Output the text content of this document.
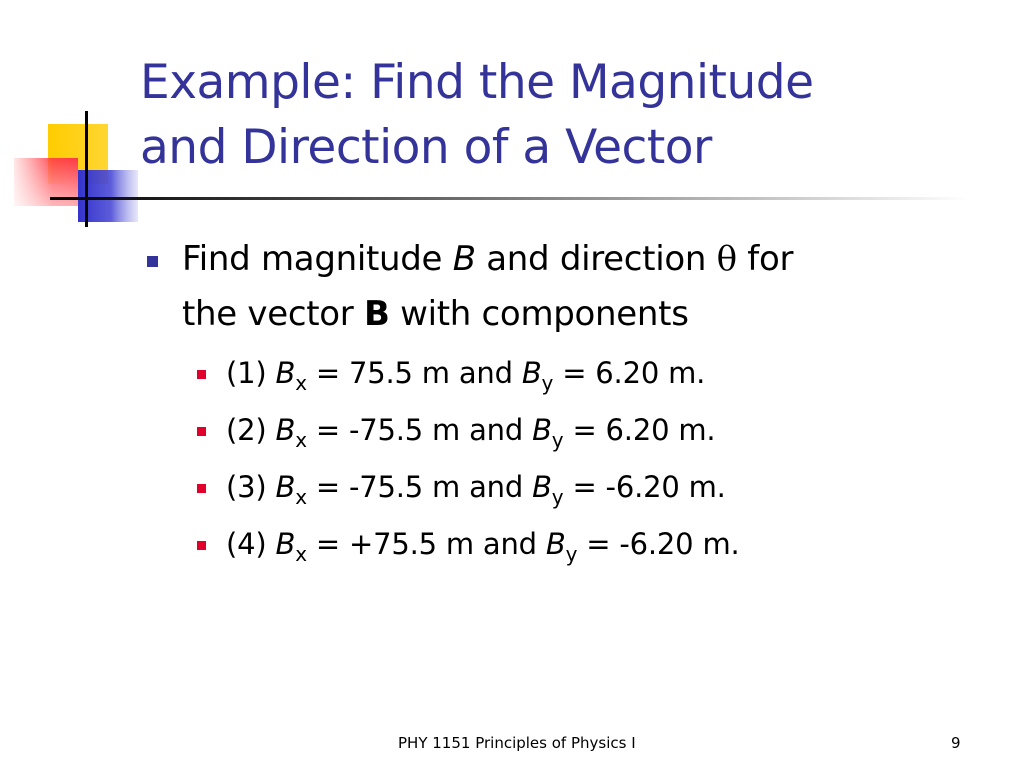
Example: Find the Magnitude
and Direction of a Vector
Find magnitude B and direction θ for
the vector B with components
(1) $B_x = 75.5$ m and $B_y = 6.20$ m.
(2) $B_x = -75.5$ m and $B_y = 6.20$ m.
(3) $B_x = -75.5$ m and $B_y = -6.20$ m.
(4) $B_x = +75.5$ m and $B_y = -6.20$ m.
PHY 1151 Principles of Physics I	9
